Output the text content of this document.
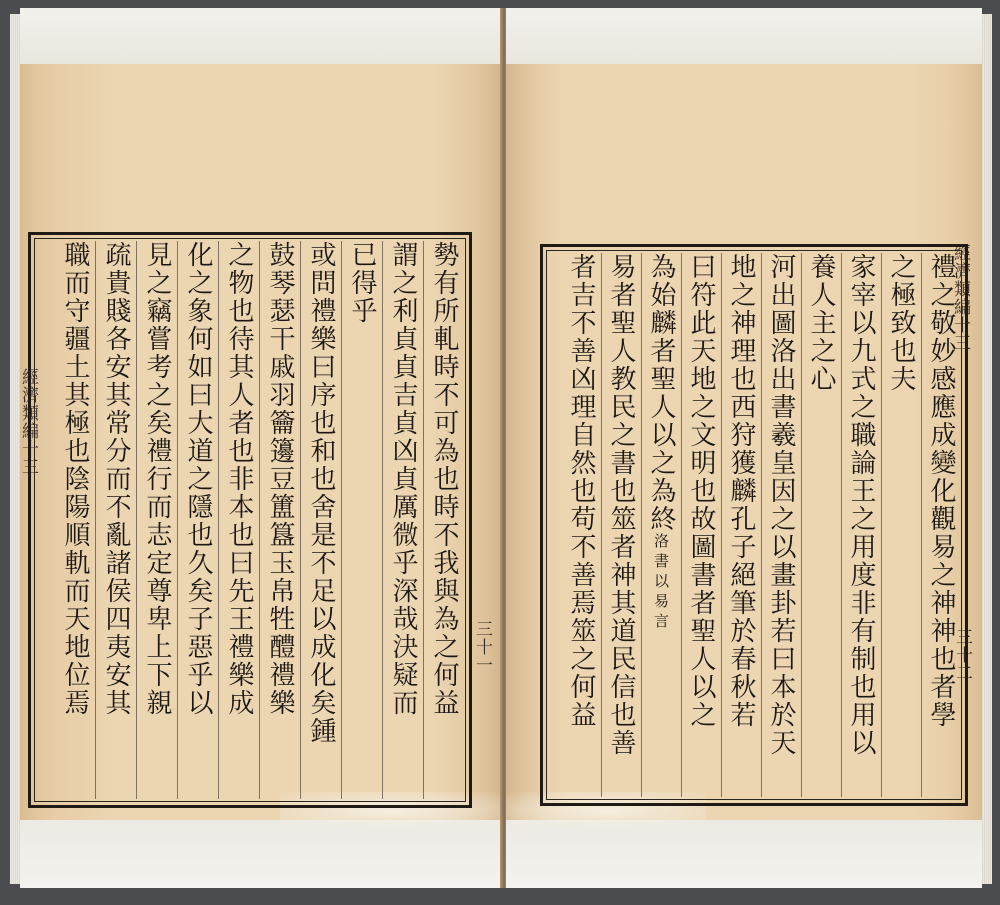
經濟類編十三	勢有所軋時不可為也時不我與為之何益
謂之利貞貞吉貞凶貞厲微乎深哉決疑而
已得乎
或問禮樂曰序也和也舍是不足以成化矣鍾
鼓琴瑟干戚羽籥籩豆簠簋玉帛牲醴禮樂
之物也待其人者也非本也曰先王禮樂成
化之象何如曰大道之隱也久矣子惡乎以
見之竊嘗考之矣禮行而志定尊卑上下親
疏貴賤各安其常分而不亂諸侯四夷安其
職而守疆土其極也陰陽順軌而天地位焉	經濟類編十三
三十二
禮之敬妙感應成變化觀易之神神也者學
之極致也夫
家宰以九式之職論王之用度非有制也用以
養人主之心
河出圖洛出書羲皇因之以畫卦若曰本於天
地之神理也西狩獲麟孔子絕筆於春秋若
曰符此天地之文明也故圖書者聖人以之
為始麟者聖人以之為終洛書以易言
易者聖人教民之書也筮者神其道民信也善
者吉不善凶理自然也苟不善焉筮之何益
三十一
